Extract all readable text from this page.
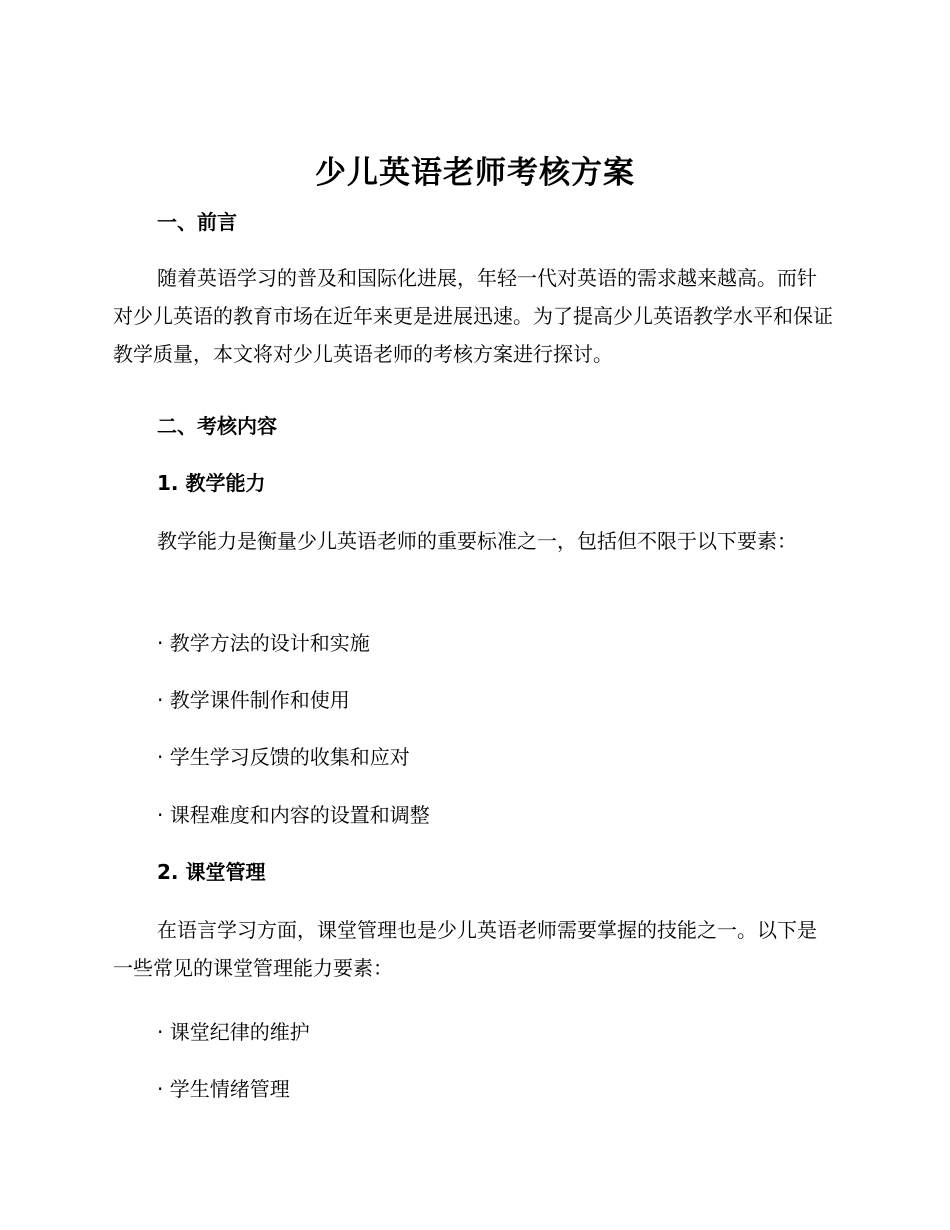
少儿英语老师考核方案
一、前言

随着英语学习的普及和国际化进展，年轻一代对英语的需求越来越高。而针对少儿英语的教育市场在近年来更是进展迅速。为了提高少儿英语教学水平和保证教学质量，本文将对少儿英语老师的考核方案进行探讨。

二、考核内容
1. 教学能力

教学能力是衡量少儿英语老师的重要标准之一，包括但不限于以下要素：

· 教学方法的设计和实施
· 教学课件制作和使用
· 学生学习反馈的收集和应对
· 课程难度和内容的设置和调整
2. 课堂管理

在语言学习方面，课堂管理也是少儿英语老师需要掌握的技能之一。以下是一些常见的课堂管理能力要素：

· 课堂纪律的维护
· 学生情绪管理
